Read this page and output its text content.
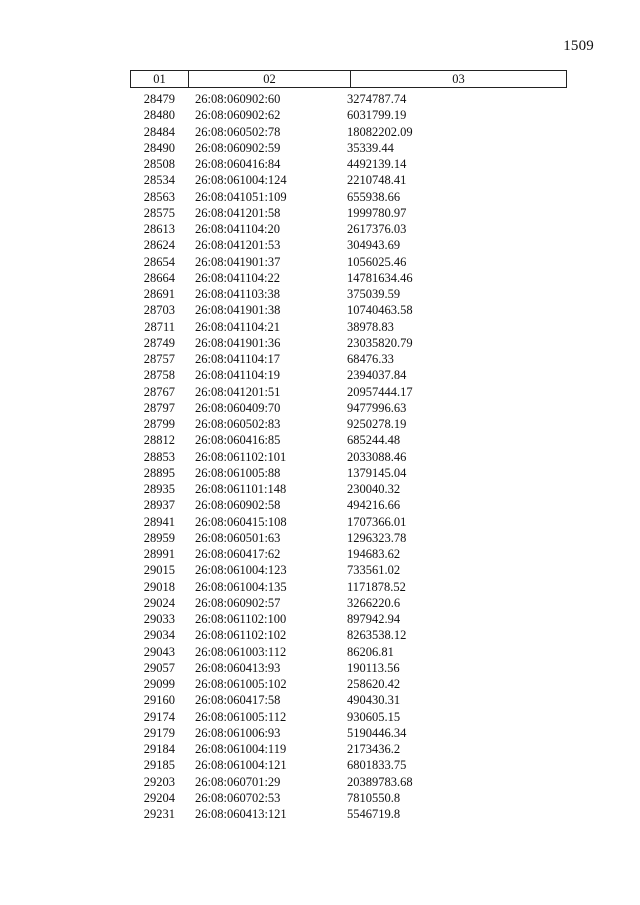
1509
01	02	03
28479	26:08:060902:60	3274787.74
28480	26:08:060902:62	6031799.19
28484	26:08:060502:78	18082202.09
28490	26:08:060902:59	35339.44
28508	26:08:060416:84	4492139.14
28534	26:08:061004:124	2210748.41
28563	26:08:041051:109	655938.66
28575	26:08:041201:58	1999780.97
28613	26:08:041104:20	2617376.03
28624	26:08:041201:53	304943.69
28654	26:08:041901:37	1056025.46
28664	26:08:041104:22	14781634.46
28691	26:08:041103:38	375039.59
28703	26:08:041901:38	10740463.58
28711	26:08:041104:21	38978.83
28749	26:08:041901:36	23035820.79
28757	26:08:041104:17	68476.33
28758	26:08:041104:19	2394037.84
28767	26:08:041201:51	20957444.17
28797	26:08:060409:70	9477996.63
28799	26:08:060502:83	9250278.19
28812	26:08:060416:85	685244.48
28853	26:08:061102:101	2033088.46
28895	26:08:061005:88	1379145.04
28935	26:08:061101:148	230040.32
28937	26:08:060902:58	494216.66
28941	26:08:060415:108	1707366.01
28959	26:08:060501:63	1296323.78
28991	26:08:060417:62	194683.62
29015	26:08:061004:123	733561.02
29018	26:08:061004:135	1171878.52
29024	26:08:060902:57	3266220.6
29033	26:08:061102:100	897942.94
29034	26:08:061102:102	8263538.12
29043	26:08:061003:112	86206.81
29057	26:08:060413:93	190113.56
29099	26:08:061005:102	258620.42
29160	26:08:060417:58	490430.31
29174	26:08:061005:112	930605.15
29179	26:08:061006:93	5190446.34
29184	26:08:061004:119	2173436.2
29185	26:08:061004:121	6801833.75
29203	26:08:060701:29	20389783.68
29204	26:08:060702:53	7810550.8
29231	26:08:060413:121	5546719.8
